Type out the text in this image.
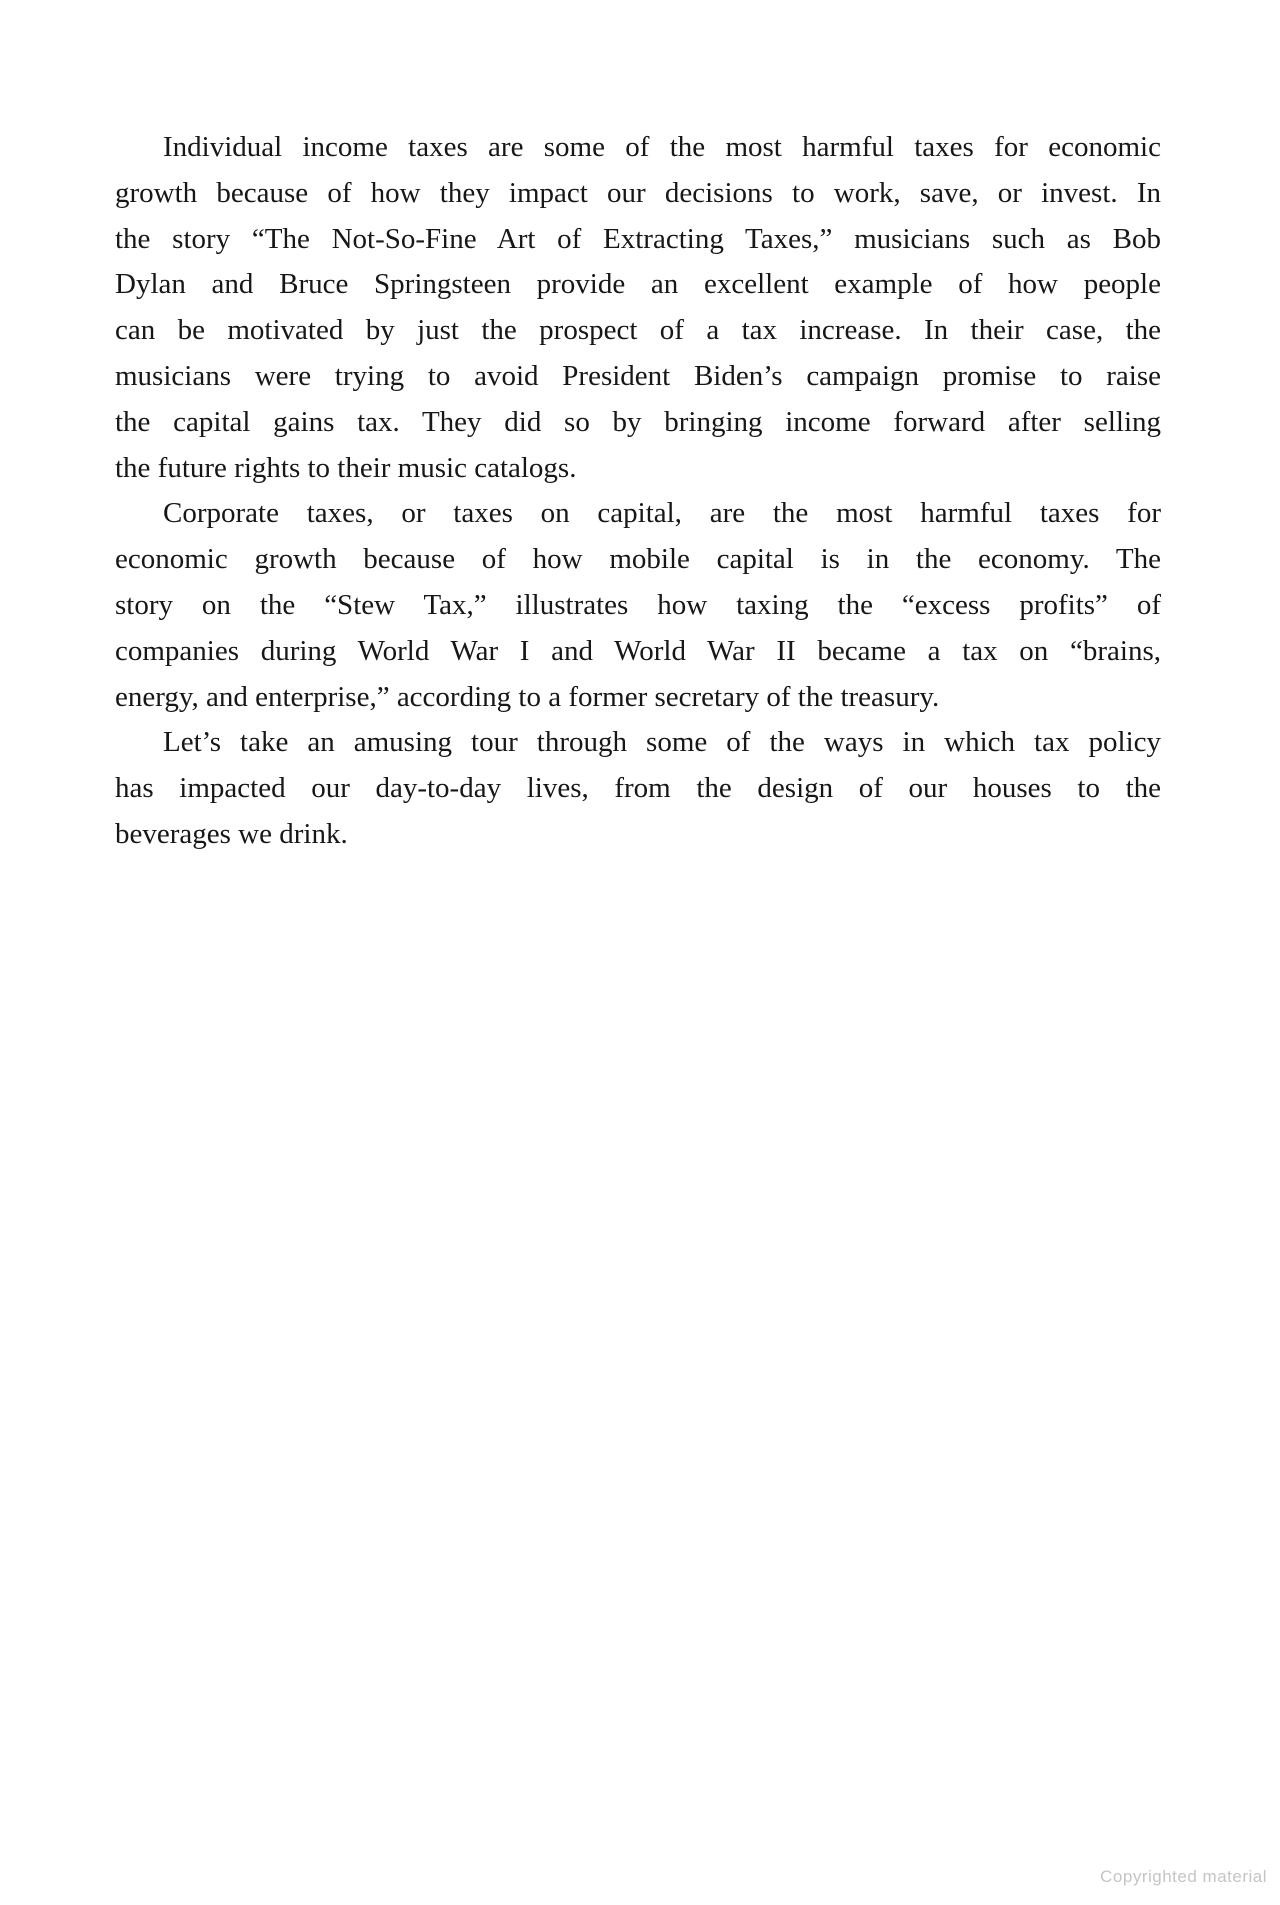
Individual income taxes are some of the most harmful taxes for economic
growth because of how they impact our decisions to work, save, or invest. In
the story “The Not-So-Fine Art of Extracting Taxes,” musicians such as Bob
Dylan and Bruce Springsteen provide an excellent example of how people
can be motivated by just the prospect of a tax increase. In their case, the
musicians were trying to avoid President Biden’s campaign promise to raise
the capital gains tax. They did so by bringing income forward after selling
the future rights to their music catalogs.
Corporate taxes, or taxes on capital, are the most harmful taxes for
economic growth because of how mobile capital is in the economy. The
story on the “Stew Tax,” illustrates how taxing the “excess profits” of
companies during World War I and World War II became a tax on “brains,
energy, and enterprise,” according to a former secretary of the treasury.
Let’s take an amusing tour through some of the ways in which tax policy
has impacted our day-to-day lives, from the design of our houses to the
beverages we drink.
Copyrighted material
